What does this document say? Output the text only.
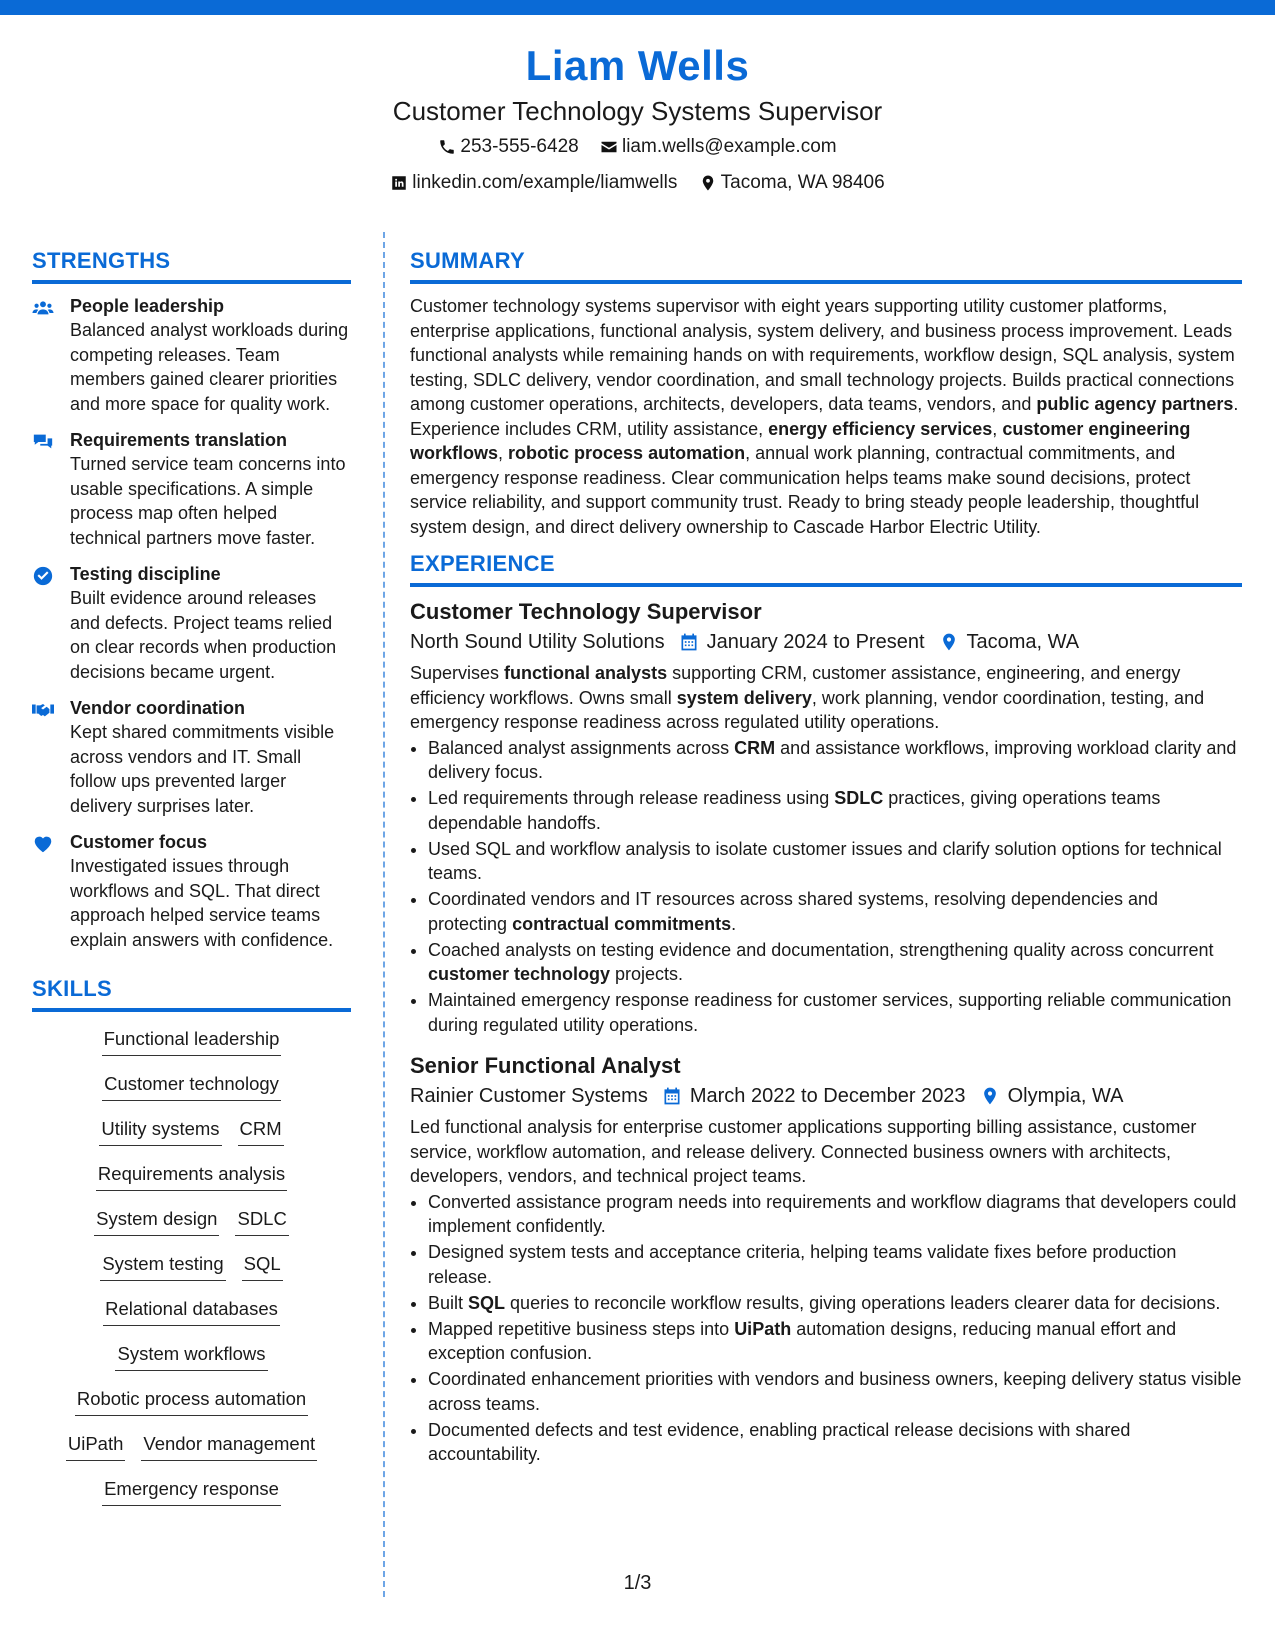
Liam Wells
Customer Technology Systems Supervisor
253-555-6428
liam.wells@example.com
linkedin.com/example/liamwells
Tacoma, WA 98406
STRENGTHS
People leadership
Balanced analyst workloads during competing releases. Team members gained clearer priorities and more space for quality work.
Requirements translation
Turned service team concerns into usable specifications. A simple process map often helped technical partners move faster.
Testing discipline
Built evidence around releases and defects. Project teams relied on clear records when production decisions became urgent.
Vendor coordination
Kept shared commitments visible across vendors and IT. Small follow ups prevented larger delivery surprises later.
Customer focus
Investigated issues through workflows and SQL. That direct approach helped service teams explain answers with confidence.
SKILLS
Functional leadership
Customer technology
Utility systems CRM
Requirements analysis
System design SDLC
System testing SQL
Relational databases
System workflows
Robotic process automation
UiPath Vendor management
Emergency response
SUMMARY
Customer technology systems supervisor with eight years supporting utility customer platforms, enterprise applications, functional analysis, system delivery, and business process improvement. Leads functional analysts while remaining hands on with requirements, workflow design, SQL analysis, system testing, SDLC delivery, vendor coordination, and small technology projects. Builds practical connections among customer operations, architects, developers, data teams, vendors, and public agency partners. Experience includes CRM, utility assistance, energy efficiency services, customer engineering workflows, robotic process automation, annual work planning, contractual commitments, and emergency response readiness. Clear communication helps teams make sound decisions, protect service reliability, and support community trust. Ready to bring steady people leadership, thoughtful system design, and direct delivery ownership to Cascade Harbor Electric Utility.
EXPERIENCE
Customer Technology Supervisor
North Sound Utility Solutions January 2024 to Present Tacoma, WA
Supervises functional analysts supporting CRM, customer assistance, engineering, and energy efficiency workflows. Owns small system delivery, work planning, vendor coordination, testing, and emergency response readiness across regulated utility operations.
• Balanced analyst assignments across CRM and assistance workflows, improving workload clarity and delivery focus.
• Led requirements through release readiness using SDLC practices, giving operations teams dependable handoffs.
• Used SQL and workflow analysis to isolate customer issues and clarify solution options for technical teams.
• Coordinated vendors and IT resources across shared systems, resolving dependencies and protecting contractual commitments.
• Coached analysts on testing evidence and documentation, strengthening quality across concurrent customer technology projects.
• Maintained emergency response readiness for customer services, supporting reliable communication during regulated utility operations.
Senior Functional Analyst
Rainier Customer Systems March 2022 to December 2023 Olympia, WA
Led functional analysis for enterprise customer applications supporting billing assistance, customer service, workflow automation, and release delivery. Connected business owners with architects, developers, vendors, and technical project teams.
• Converted assistance program needs into requirements and workflow diagrams that developers could implement confidently.
• Designed system tests and acceptance criteria, helping teams validate fixes before production release.
• Built SQL queries to reconcile workflow results, giving operations leaders clearer data for decisions.
• Mapped repetitive business steps into UiPath automation designs, reducing manual effort and exception confusion.
• Coordinated enhancement priorities with vendors and business owners, keeping delivery status visible across teams.
• Documented defects and test evidence, enabling practical release decisions with shared accountability.
1/3
